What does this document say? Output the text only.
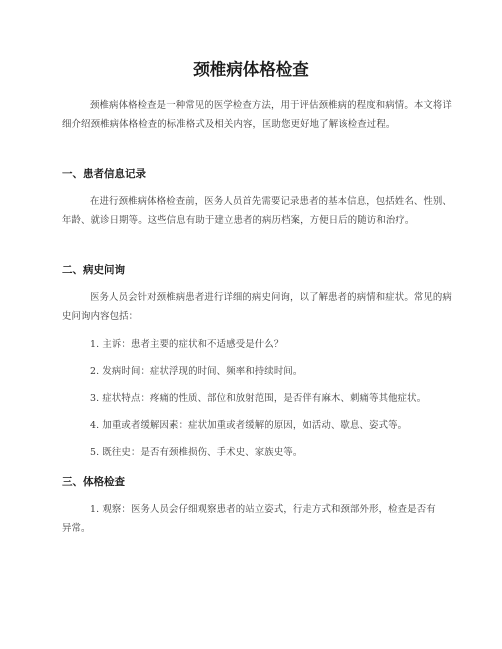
颈椎病体格检查

颈椎病体格检查是一种常见的医学检查方法，用于评估颈椎病的程度和病情。本文将详细介绍颈椎病体格检查的标准格式及相关内容，匡助您更好地了解该检查过程。

一、患者信息记录

在进行颈椎病体格检查前，医务人员首先需要记录患者的基本信息，包括姓名、性别、年龄、就诊日期等。这些信息有助于建立患者的病历档案，方便日后的随访和治疗。

二、病史问询

医务人员会针对颈椎病患者进行详细的病史问询，以了解患者的病情和症状。常见的病史问询内容包括：

1. 主诉：患者主要的症状和不适感受是什么？

2. 发病时间：症状浮现的时间、频率和持续时间。

3. 症状特点：疼痛的性质、部位和放射范围，是否伴有麻木、刺痛等其他症状。

4. 加重或者缓解因素：症状加重或者缓解的原因，如活动、歇息、姿式等。

5. 既往史：是否有颈椎损伤、手术史、家族史等。

三、体格检查

1. 观察：医务人员会仔细观察患者的站立姿式，行走方式和颈部外形，检查是否有异常。
